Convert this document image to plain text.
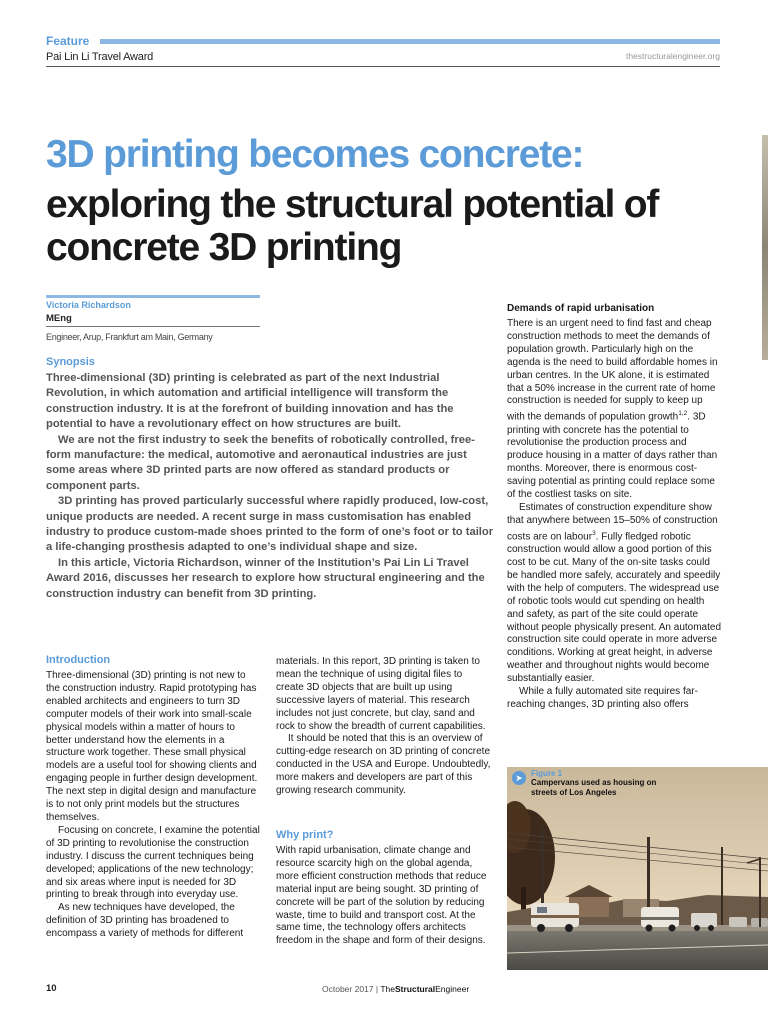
Feature
Pai Lin Li Travel Award	thestructuralengineer.org
3D printing becomes concrete:
exploring the structural potential of concrete 3D printing
Victoria Richardson
MEng
Engineer, Arup, Frankfurt am Main, Germany
Synopsis

Three-dimensional (3D) printing is celebrated as part of the next Industrial Revolution, in which automation and artificial intelligence will transform the construction industry. It is at the forefront of building innovation and has the potential to have a revolutionary effect on how structures are built.

We are not the first industry to seek the benefits of robotically controlled, free-form manufacture: the medical, automotive and aeronautical industries are just some areas where 3D printed parts are now offered as standard products or component parts.

3D printing has proved particularly successful where rapidly produced, low-cost, unique products are needed. A recent surge in mass customisation has enabled industry to produce custom-made shoes printed to the form of one’s foot or to tailor a life-changing prosthesis adapted to one’s individual shape and size.

In this article, Victoria Richardson, winner of the Institution’s Pai Lin Li Travel Award 2016, discusses her research to explore how structural engineering and the construction industry can benefit from 3D printing.

Introduction

Three-dimensional (3D) printing is not new to the construction industry. Rapid prototyping has enabled architects and engineers to turn 3D computer models of their work into small-scale physical models within a matter of hours to better understand how the elements in a structure work together. These small physical models are a useful tool for showing clients and engaging people in further design development. The next step in digital design and manufacture is to not only print models but the structures themselves.

Focusing on concrete, I examine the potential of 3D printing to revolutionise the construction industry. I discuss the current techniques being developed; applications of the new technology; and six areas where input is needed for 3D printing to break through into everyday use.

As new techniques have developed, the definition of 3D printing has broadened to encompass a variety of methods for different

materials. In this report, 3D printing is taken to mean the technique of using digital files to create 3D objects that are built up using successive layers of material. This research includes not just concrete, but clay, sand and rock to show the breadth of current capabilities.

It should be noted that this is an overview of cutting-edge research on 3D printing of concrete conducted in the USA and Europe. Undoubtedly, more makers and developers are part of this growing research community.

Why print?

With rapid urbanisation, climate change and resource scarcity high on the global agenda, more efficient construction methods that reduce material input are being sought. 3D printing of concrete will be part of the solution by reducing waste, time to build and transport cost. At the same time, the technology offers architects freedom in the shape and form of their designs.

Demands of rapid urbanisation

There is an urgent need to find fast and cheap construction methods to meet the demands of population growth. Particularly high on the agenda is the need to build affordable homes in urban centres. In the UK alone, it is estimated that a 50% increase in the current rate of home construction is needed for supply to keep up with the demands of population growth$^{1,2}$. 3D printing with concrete has the potential to revolutionise the production process and produce housing in a matter of days rather than months. Moreover, there is enormous cost-saving potential as printing could replace some of the costliest tasks on site.

Estimates of construction expenditure show that anywhere between 15–50% of construction costs are on labour$^3$. Fully fledged robotic construction would allow a good portion of this cost to be cut. Many of the on-site tasks could be handled more safely, accurately and speedily with the help of computers. The widespread use of robotic tools would cut spending on health and safety, as part of the site could operate without people physically present. An automated construction site could operate in more adverse conditions. Working at great height, in adverse weather and throughout nights would become substantially easier.

While a fully automated site requires far-reaching changes, 3D printing also offers

➤	Figure 1
Campervans used as housing on streets of Los Angeles
10	October 2017 | TheStructuralEngineer
